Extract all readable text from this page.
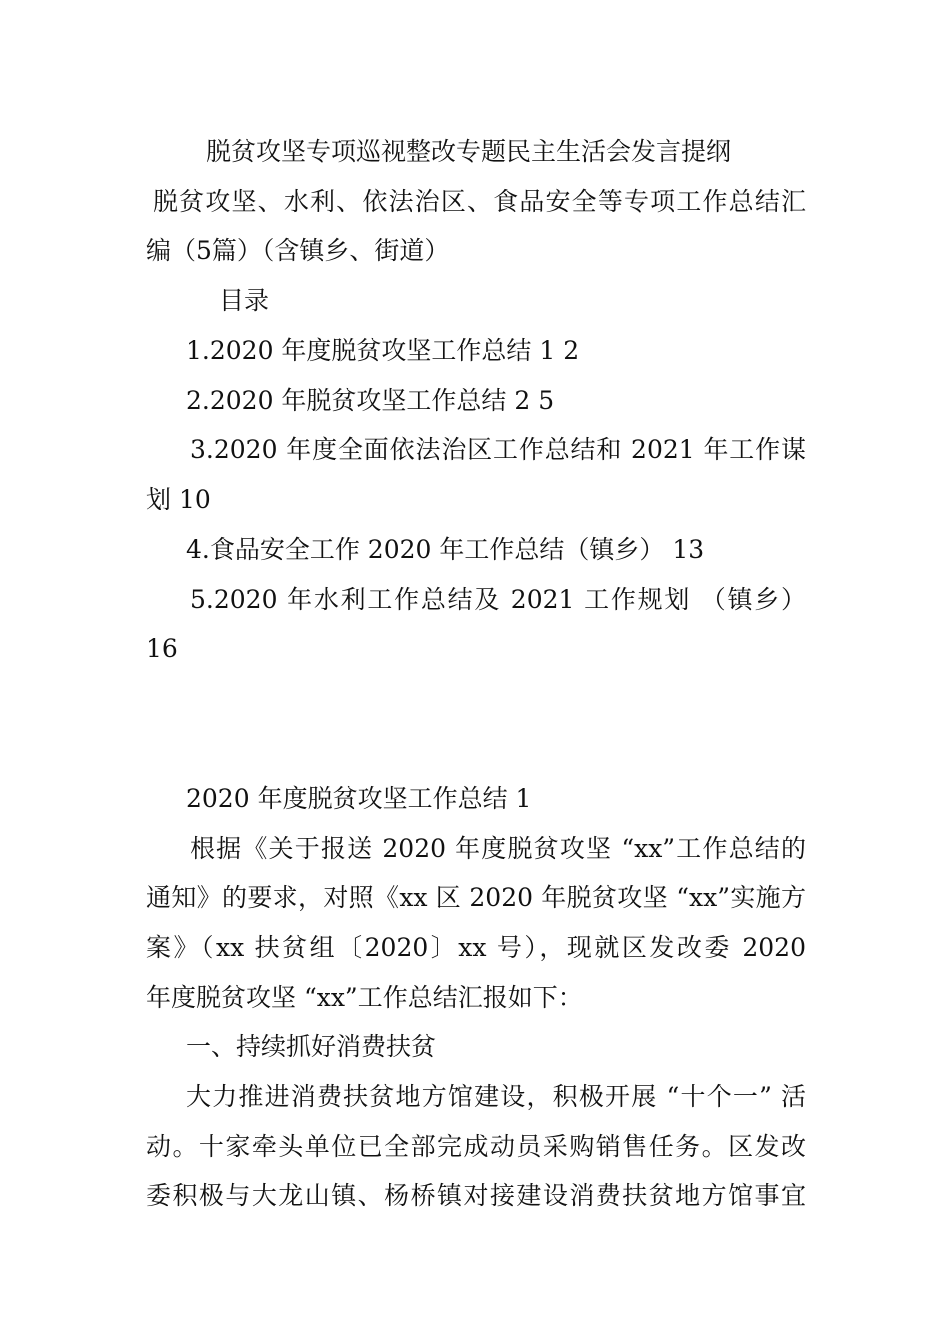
脱贫攻坚专项巡视整改专题民主生活会发言提纲
脱贫攻坚、水利、依法治区、食品安全等专项工作总结汇
编（5篇）（含镇乡、街道）
目录
1.2020 年度脱贫攻坚工作总结 1 2
2.2020 年脱贫攻坚工作总结 2 5
3.2020 年度全面依法治区工作总结和 2021 年工作谋
划 10
4.食品安全工作 2020 年工作总结（镇乡） 13
5.2020 年水利工作总结及 2021 工作规划 （镇乡）
16
2020 年度脱贫攻坚工作总结 1
根据《关于报送 2020 年度脱贫攻坚 “xx”工作总结的
通知》的要求，对照《xx 区 2020 年脱贫攻坚 “xx”实施方
案》（xx 扶贫组〔2020〕xx 号），现就区发改委 2020
年度脱贫攻坚 “xx”工作总结汇报如下：
一、持续抓好消费扶贫
大力推进消费扶贫地方馆建设，积极开展 “十个一” 活
动。十家牵头单位已全部完成动员采购销售任务。区发改
委积极与大龙山镇、杨桥镇对接建设消费扶贫地方馆事宜
